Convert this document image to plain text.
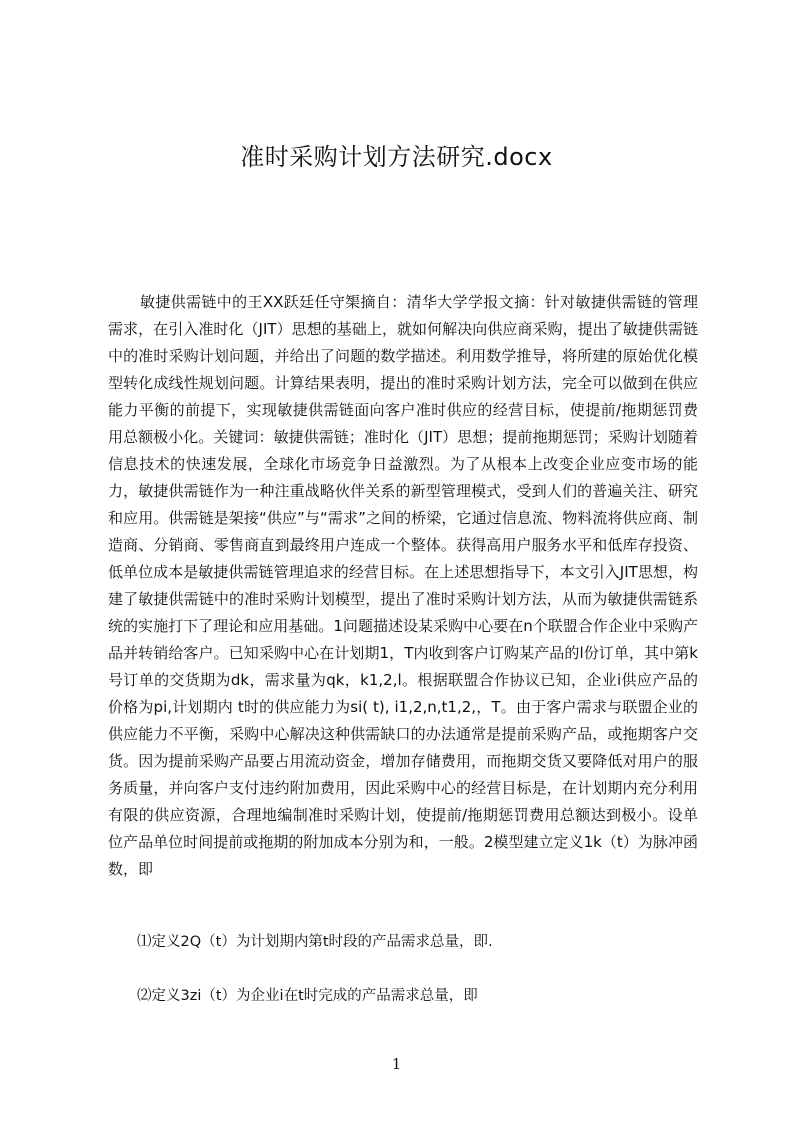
准时采购计划方法研究.docx

敏捷供需链中的王XX跃廷任守榘摘自：清华大学学报文摘：针对敏捷供需链的管理需求，在引入准时化（JIT）思想的基础上，就如何解决向供应商采购，提出了敏捷供需链中的准时采购计划问题，并给出了问题的数学描述。利用数学推导，将所建的原始优化模型转化成线性规划问题。计算结果表明，提出的准时采购计划方法，完全可以做到在供应能力平衡的前提下，实现敏捷供需链面向客户准时供应的经营目标，使提前/拖期惩罚费用总额极小化。关键词：敏捷供需链；准时化（JIT）思想；提前拖期惩罚；采购计划随着信息技术的快速发展，全球化市场竞争日益激烈。为了从根本上改变企业应变市场的能力，敏捷供需链作为一种注重战略伙伴关系的新型管理模式，受到人们的普遍关注、研究和应用。供需链是架接“供应”与“需求”之间的桥梁，它通过信息流、物料流将供应商、制造商、分销商、零售商直到最终用户连成一个整体。获得高用户服务水平和低库存投资、低单位成本是敏捷供需链管理追求的经营目标。在上述思想指导下，本文引入JIT思想，构建了敏捷供需链中的准时采购计划模型，提出了准时采购计划方法，从而为敏捷供需链系统的实施打下了理论和应用基础。1问题描述设某采购中心要在n个联盟合作企业中采购产品并转销给客户。已知采购中心在计划期1，T内收到客户订购某产品的l份订单，其中第k号订单的交货期为dk，需求量为qk，k1,2,l。根据联盟合作协议已知，企业i供应产品的价格为pi,计划期内 t时的供应能力为si( t), i1,2,n,t1,2,，T。由于客户需求与联盟企业的供应能力不平衡，采购中心解决这种供需缺口的办法通常是提前采购产品，或拖期客户交货。因为提前采购产品要占用流动资金，增加存储费用，而拖期交货又要降低对用户的服务质量，并向客户支付违约附加费用，因此采购中心的经营目标是，在计划期内充分利用有限的供应资源，合理地编制准时采购计划，使提前/拖期惩罚费用总额达到极小。设单位产品单位时间提前或拖期的附加成本分别为和，一般。2模型建立定义1k（t）为脉冲函数，即

⑴定义2Q（t）为计划期内第t时段的产品需求总量，即.

⑵定义3zi（t）为企业i在t时完成的产品需求总量，即

1
